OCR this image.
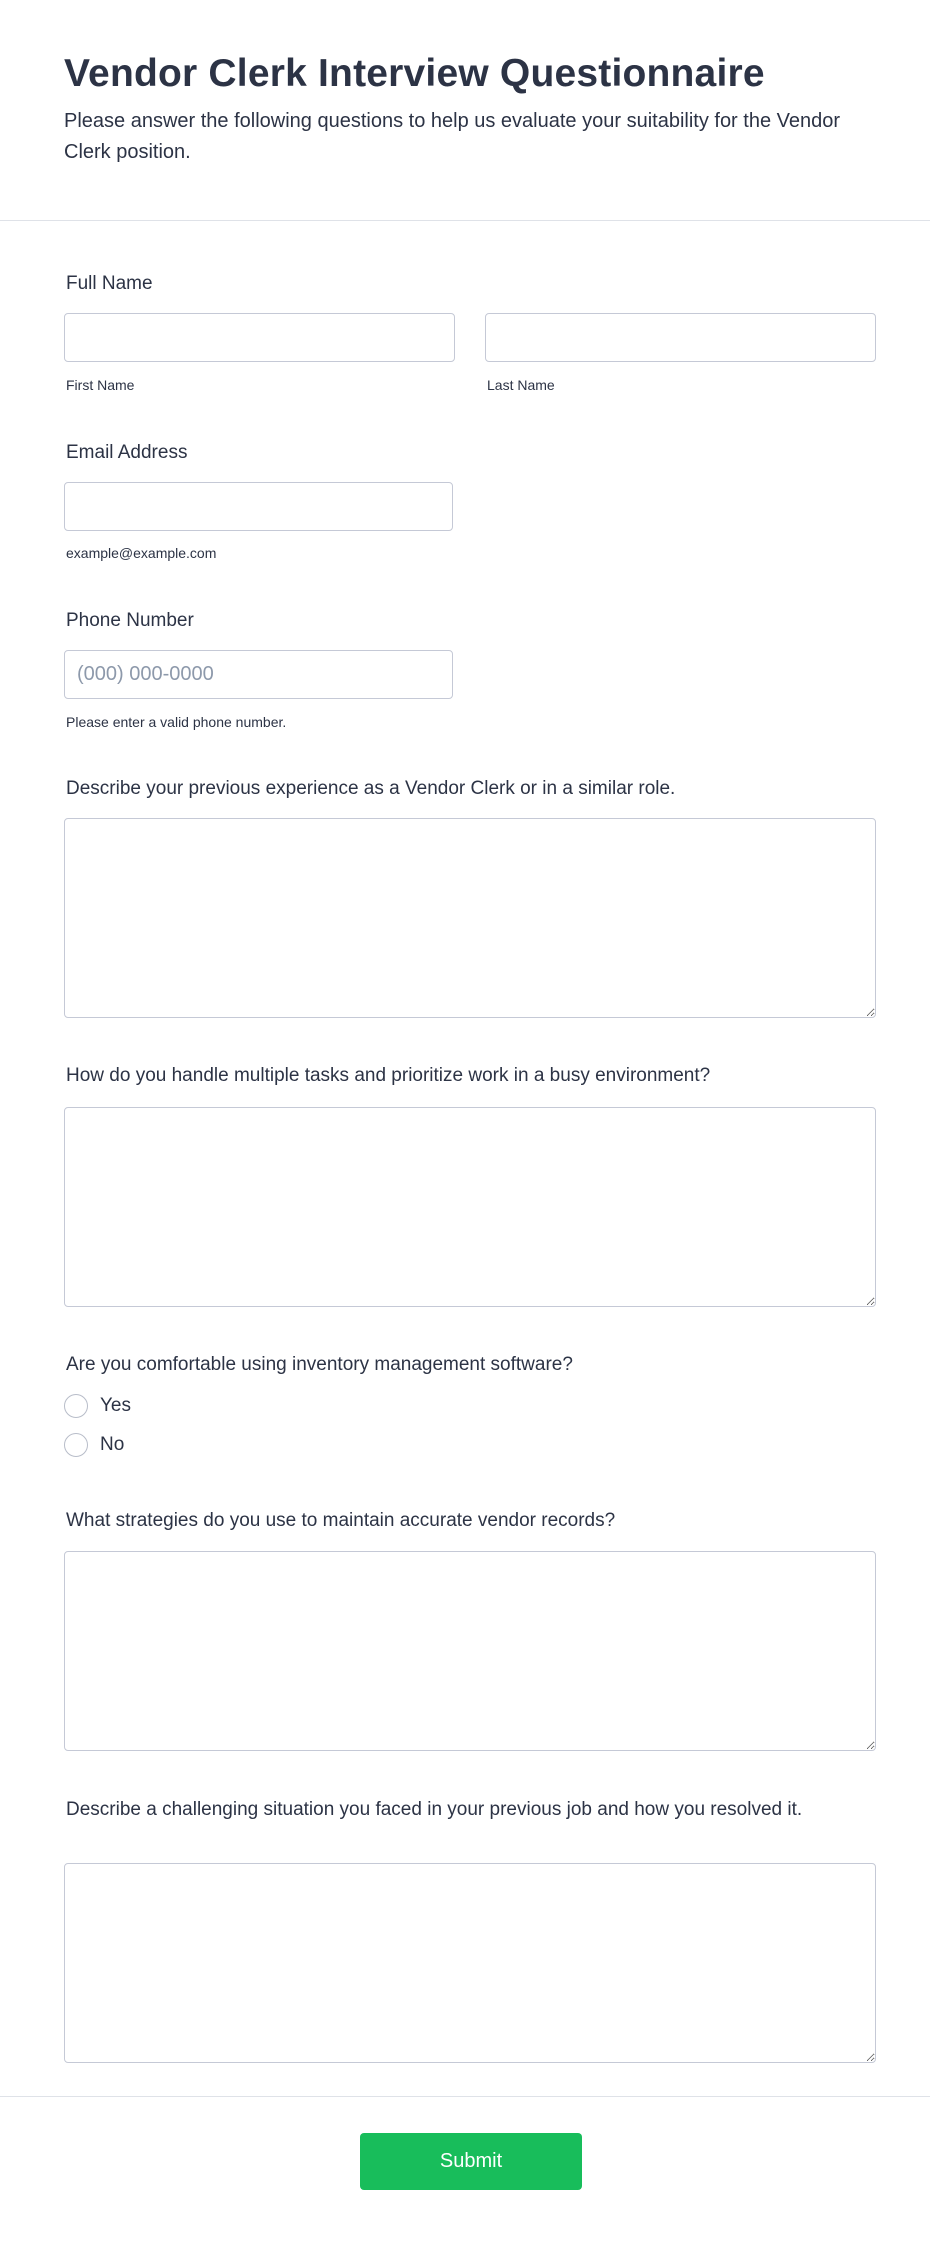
Vendor Clerk Interview Questionnaire
Please answer the following questions to help us evaluate your suitability for the Vendor Clerk position.
Full Name
First Name	Last Name
Email Address
example@example.com
Phone Number
(000) 000-0000
Please enter a valid phone number.
Describe your previous experience as a Vendor Clerk or in a similar role.
How do you handle multiple tasks and prioritize work in a busy environment?
Are you comfortable using inventory management software?
Yes
No
What strategies do you use to maintain accurate vendor records?
Describe a challenging situation you faced in your previous job and how you resolved it.
Submit
